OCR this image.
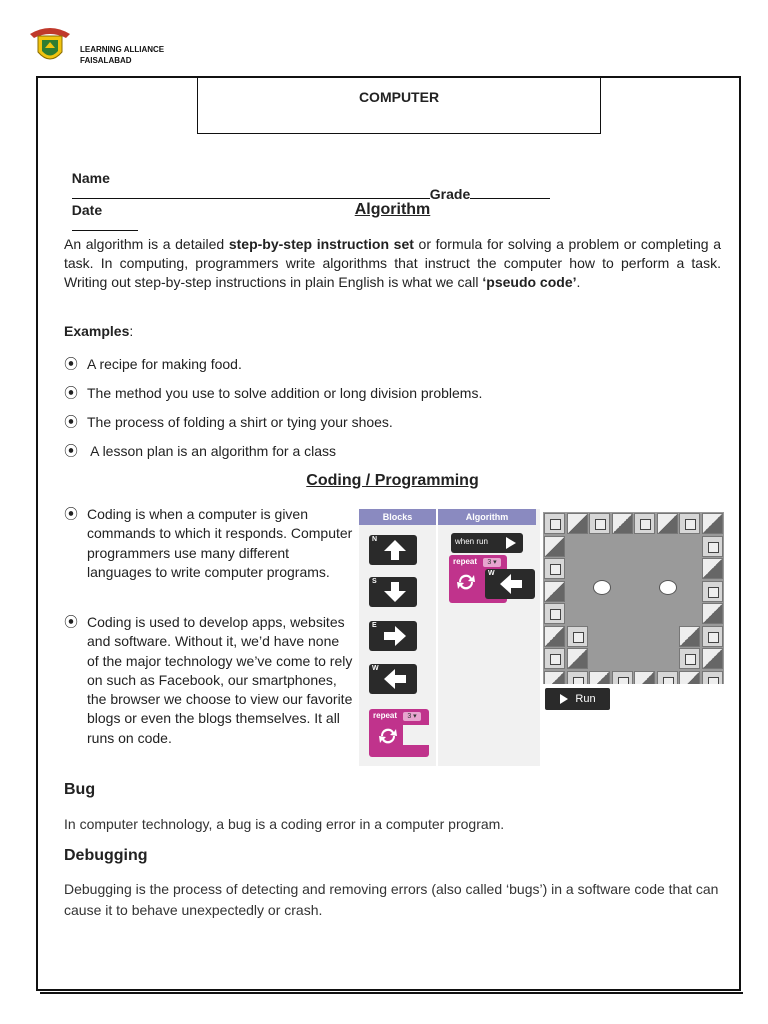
LEARNING ALLIANCE
FAISALABAD
COMPUTER

Name
Grade
Date
	Algorithm
An algorithm is a detailed step-by-step instruction set or formula for solving a problem or completing a task. In computing, programmers write algorithms that instruct the computer how to perform a task. Writing out step-by-step instructions in plain English is what we call ‘pseudo code’.
Examples:
⦿ A recipe for making food.
⦿ The method you use to solve addition or long division problems.
⦿ The process of folding a shirt or tying your shoes.
⦿ A lesson plan is an algorithm for a class
Coding / Programming
⦿ Coding is when a computer is given commands to which it responds. Computer programmers use many different languages to write computer programs.
⦿ Coding is used to develop apps, websites and software. Without it, we’d have none of the major technology we’ve come to rely on such as Facebook, our smartphones, the browser we choose to view our favorite blogs or even the blogs themselves. It all runs on code.
Blocks	Algorithm
N
S
E
W
repeat	3 ▾
when run
repeat	3 ▾
W
Run
Bug
In computer technology, a bug is a coding error in a computer program.
Debugging
Debugging is the process of detecting and removing errors (also called ‘bugs’) in a software code that can cause it to behave unexpectedly or crash.
